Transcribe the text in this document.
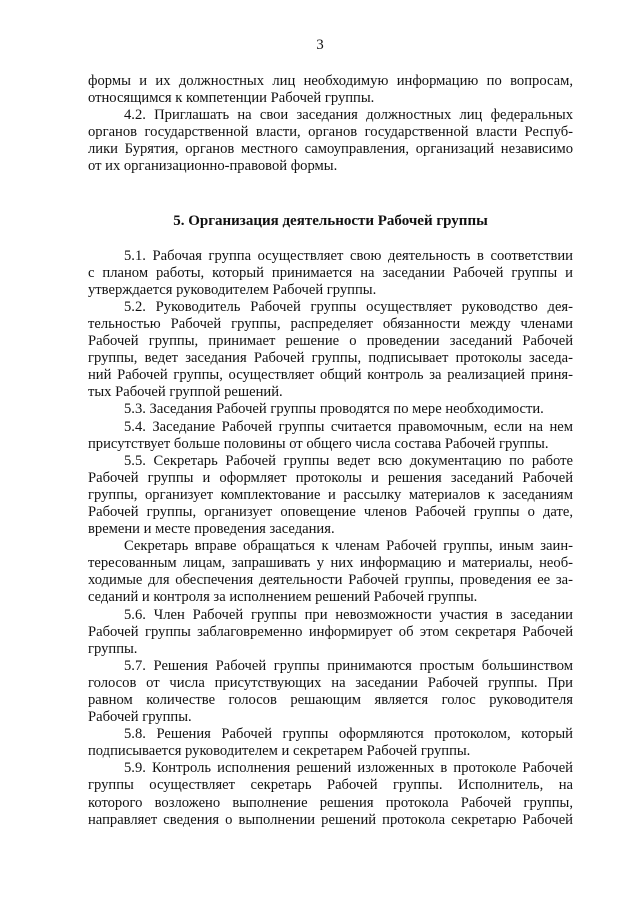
3
формы и их должностных лиц необходимую информацию по вопросам,
относящимся к компетенции Рабочей группы.
4.2. Приглашать на свои заседания должностных лиц федеральных
органов государственной власти, органов государственной власти Респуб-
лики Бурятия, органов местного самоуправления, организаций независимо
от их организационно-правовой формы.
5. Организация деятельности Рабочей группы
5.1. Рабочая группа осуществляет свою деятельность в соответствии
с планом работы, который принимается на заседании Рабочей группы и
утверждается руководителем Рабочей группы.
5.2. Руководитель Рабочей группы осуществляет руководство дея-
тельностью Рабочей группы, распределяет обязанности между членами
Рабочей группы, принимает решение о проведении заседаний Рабочей
группы, ведет заседания Рабочей группы, подписывает протоколы заседа-
ний Рабочей группы, осуществляет общий контроль за реализацией приня-
тых Рабочей группой решений.
5.3. Заседания Рабочей группы проводятся по мере необходимости.
5.4. Заседание Рабочей группы считается правомочным, если на нем
присутствует больше половины от общего числа состава Рабочей группы.
5.5. Секретарь Рабочей группы ведет всю документацию по работе
Рабочей группы и оформляет протоколы и решения заседаний Рабочей
группы, организует комплектование и рассылку материалов к заседаниям
Рабочей группы, организует оповещение членов Рабочей группы о дате,
времени и месте проведения заседания.
Секретарь вправе обращаться к членам Рабочей группы, иным заин-
тересованным лицам, запрашивать у них информацию и материалы, необ-
ходимые для обеспечения деятельности Рабочей группы, проведения ее за-
седаний и контроля за исполнением решений Рабочей группы.
5.6. Член Рабочей группы при невозможности участия в заседании
Рабочей группы заблаговременно информирует об этом секретаря Рабочей
группы.
5.7. Решения Рабочей группы принимаются простым большинством
голосов от числа присутствующих на заседании Рабочей группы. При
равном количестве голосов решающим является голос руководителя
Рабочей группы.
5.8. Решения Рабочей группы оформляются протоколом, который
подписывается руководителем и секретарем Рабочей группы.
5.9. Контроль исполнения решений изложенных в протоколе Рабочей
группы осуществляет секретарь Рабочей группы. Исполнитель, на
которого возложено выполнение решения протокола Рабочей группы,
направляет сведения о выполнении решений протокола секретарю Рабочей
